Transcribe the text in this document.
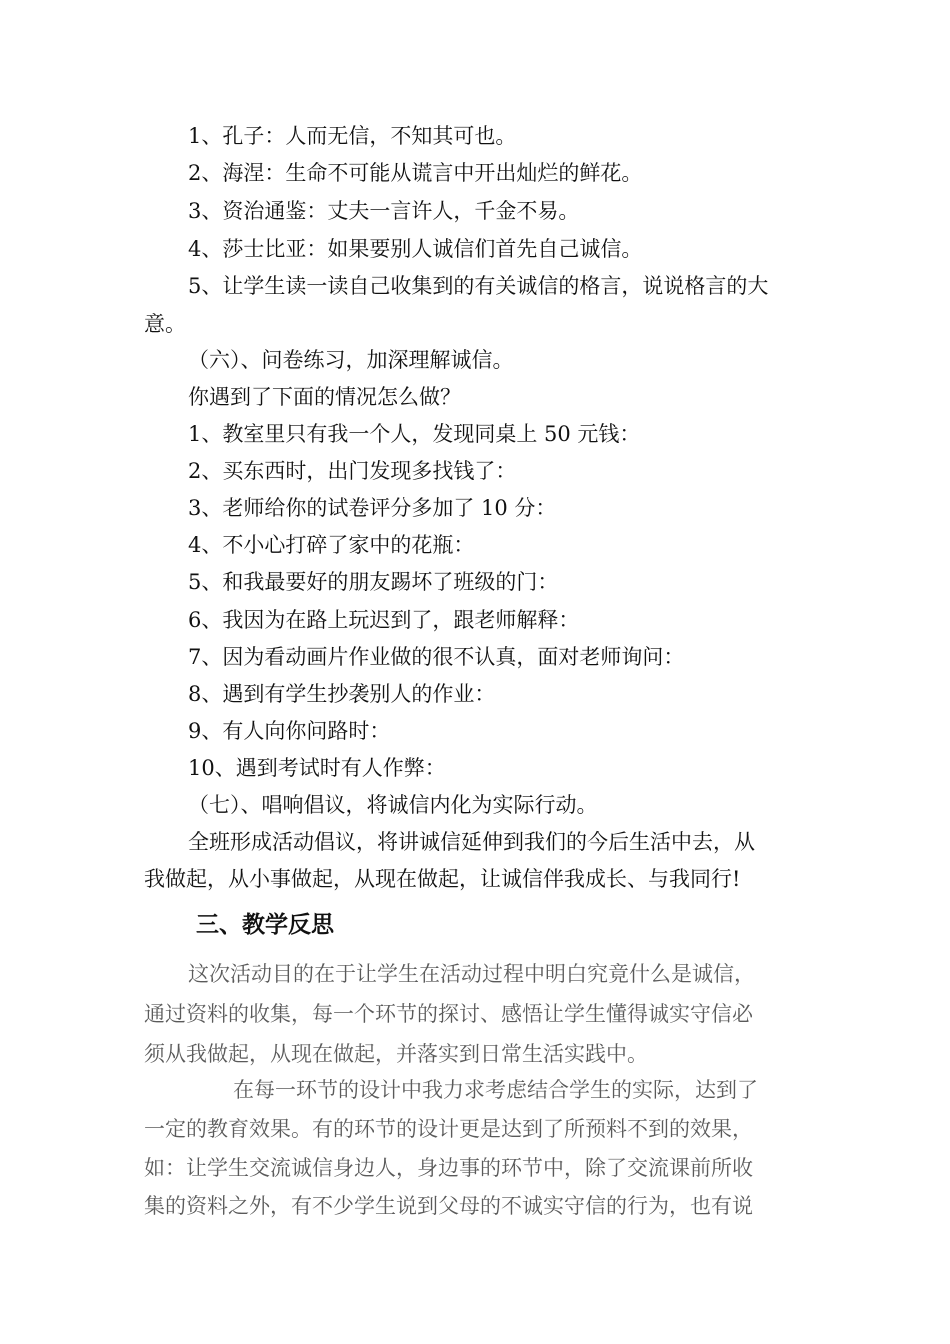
1、孔子：人而无信，不知其可也。
2、海涅：生命不可能从谎言中开出灿烂的鲜花。
3、资治通鉴：丈夫一言许人，千金不易。
4、莎士比亚：如果要别人诚信们首先自己诚信。
5、让学生读一读自己收集到的有关诚信的格言，说说格言的大
意。
（六）、问卷练习，加深理解诚信。
你遇到了下面的情况怎么做？
1、教室里只有我一个人，发现同桌上 50 元钱：
2、买东西时，出门发现多找钱了：
3、老师给你的试卷评分多加了 10 分：
4、不小心打碎了家中的花瓶：
5、和我最要好的朋友踢坏了班级的门：
6、我因为在路上玩迟到了，跟老师解释：
7、因为看动画片作业做的很不认真，面对老师询问：
8、遇到有学生抄袭别人的作业：
9、有人向你问路时：
10、遇到考试时有人作弊：
（七）、唱响倡议，将诚信内化为实际行动。
全班形成活动倡议，将讲诚信延伸到我们的今后生活中去，从
我做起，从小事做起，从现在做起，让诚信伴我成长、与我同行!
三、教学反思
这次活动目的在于让学生在活动过程中明白究竟什么是诚信，
通过资料的收集，每一个环节的探讨、感悟让学生懂得诚实守信必
须从我做起，从现在做起，并落实到日常生活实践中。
在每一环节的设计中我力求考虑结合学生的实际，达到了
一定的教育效果。有的环节的设计更是达到了所预料不到的效果，
如：让学生交流诚信身边人，身边事的环节中，除了交流课前所收
集的资料之外，有不少学生说到父母的不诚实守信的行为，也有说
